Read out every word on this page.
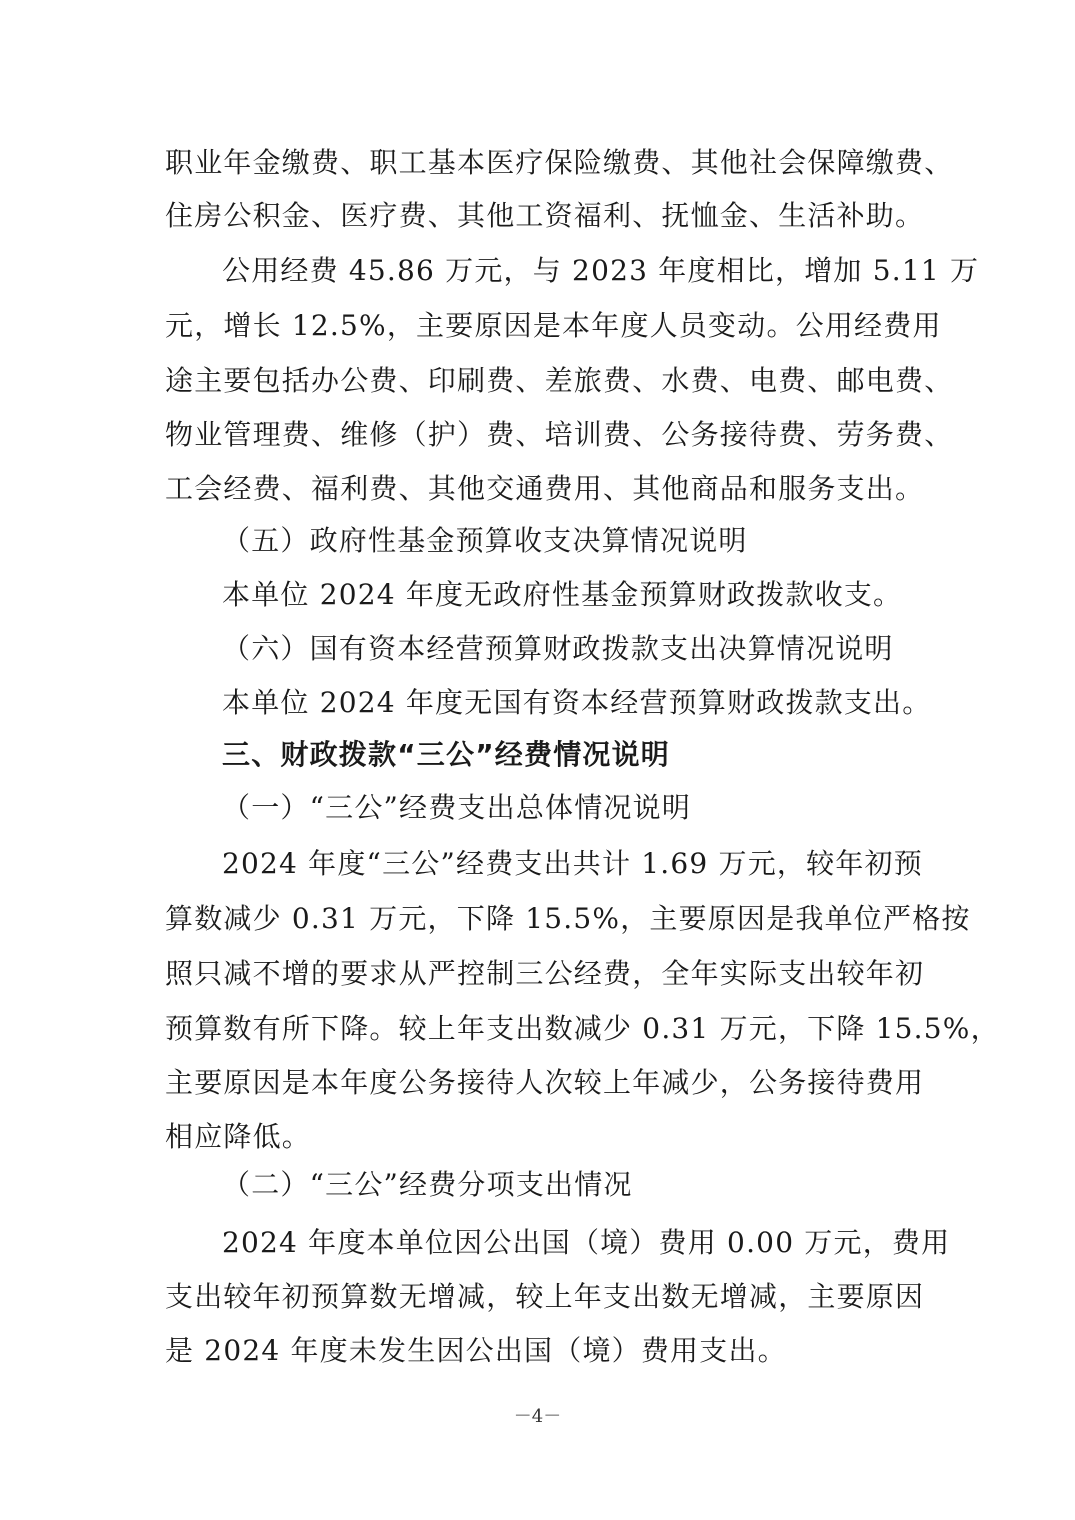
职业年金缴费、职工基本医疗保险缴费、其他社会保障缴费、
住房公积金、医疗费、其他工资福利、抚恤金、生活补助。
公用经费 45.86 万元，与 2023 年度相比，增加 5.11 万
元，增长 12.5%，主要原因是本年度人员变动。公用经费用
途主要包括办公费、印刷费、差旅费、水费、电费、邮电费、
物业管理费、维修（护）费、培训费、公务接待费、劳务费、
工会经费、福利费、其他交通费用、其他商品和服务支出。
（五）政府性基金预算收支决算情况说明
本单位 2024 年度无政府性基金预算财政拨款收支。
（六）国有资本经营预算财政拨款支出决算情况说明
本单位 2024 年度无国有资本经营预算财政拨款支出。
三、财政拨款“三公”经费情况说明
（一）“三公”经费支出总体情况说明
2024 年度“三公”经费支出共计 1.69 万元，较年初预
算数减少 0.31 万元，下降 15.5%，主要原因是我单位严格按
照只减不增的要求从严控制三公经费，全年实际支出较年初
预算数有所下降。较上年支出数减少 0.31 万元，下降 15.5%，
主要原因是本年度公务接待人次较上年减少，公务接待费用
相应降低。
（二）“三公”经费分项支出情况
2024 年度本单位因公出国（境）费用 0.00 万元，费用
支出较年初预算数无增减，较上年支出数无增减，主要原因
是 2024 年度未发生因公出国（境）费用支出。
－4－
